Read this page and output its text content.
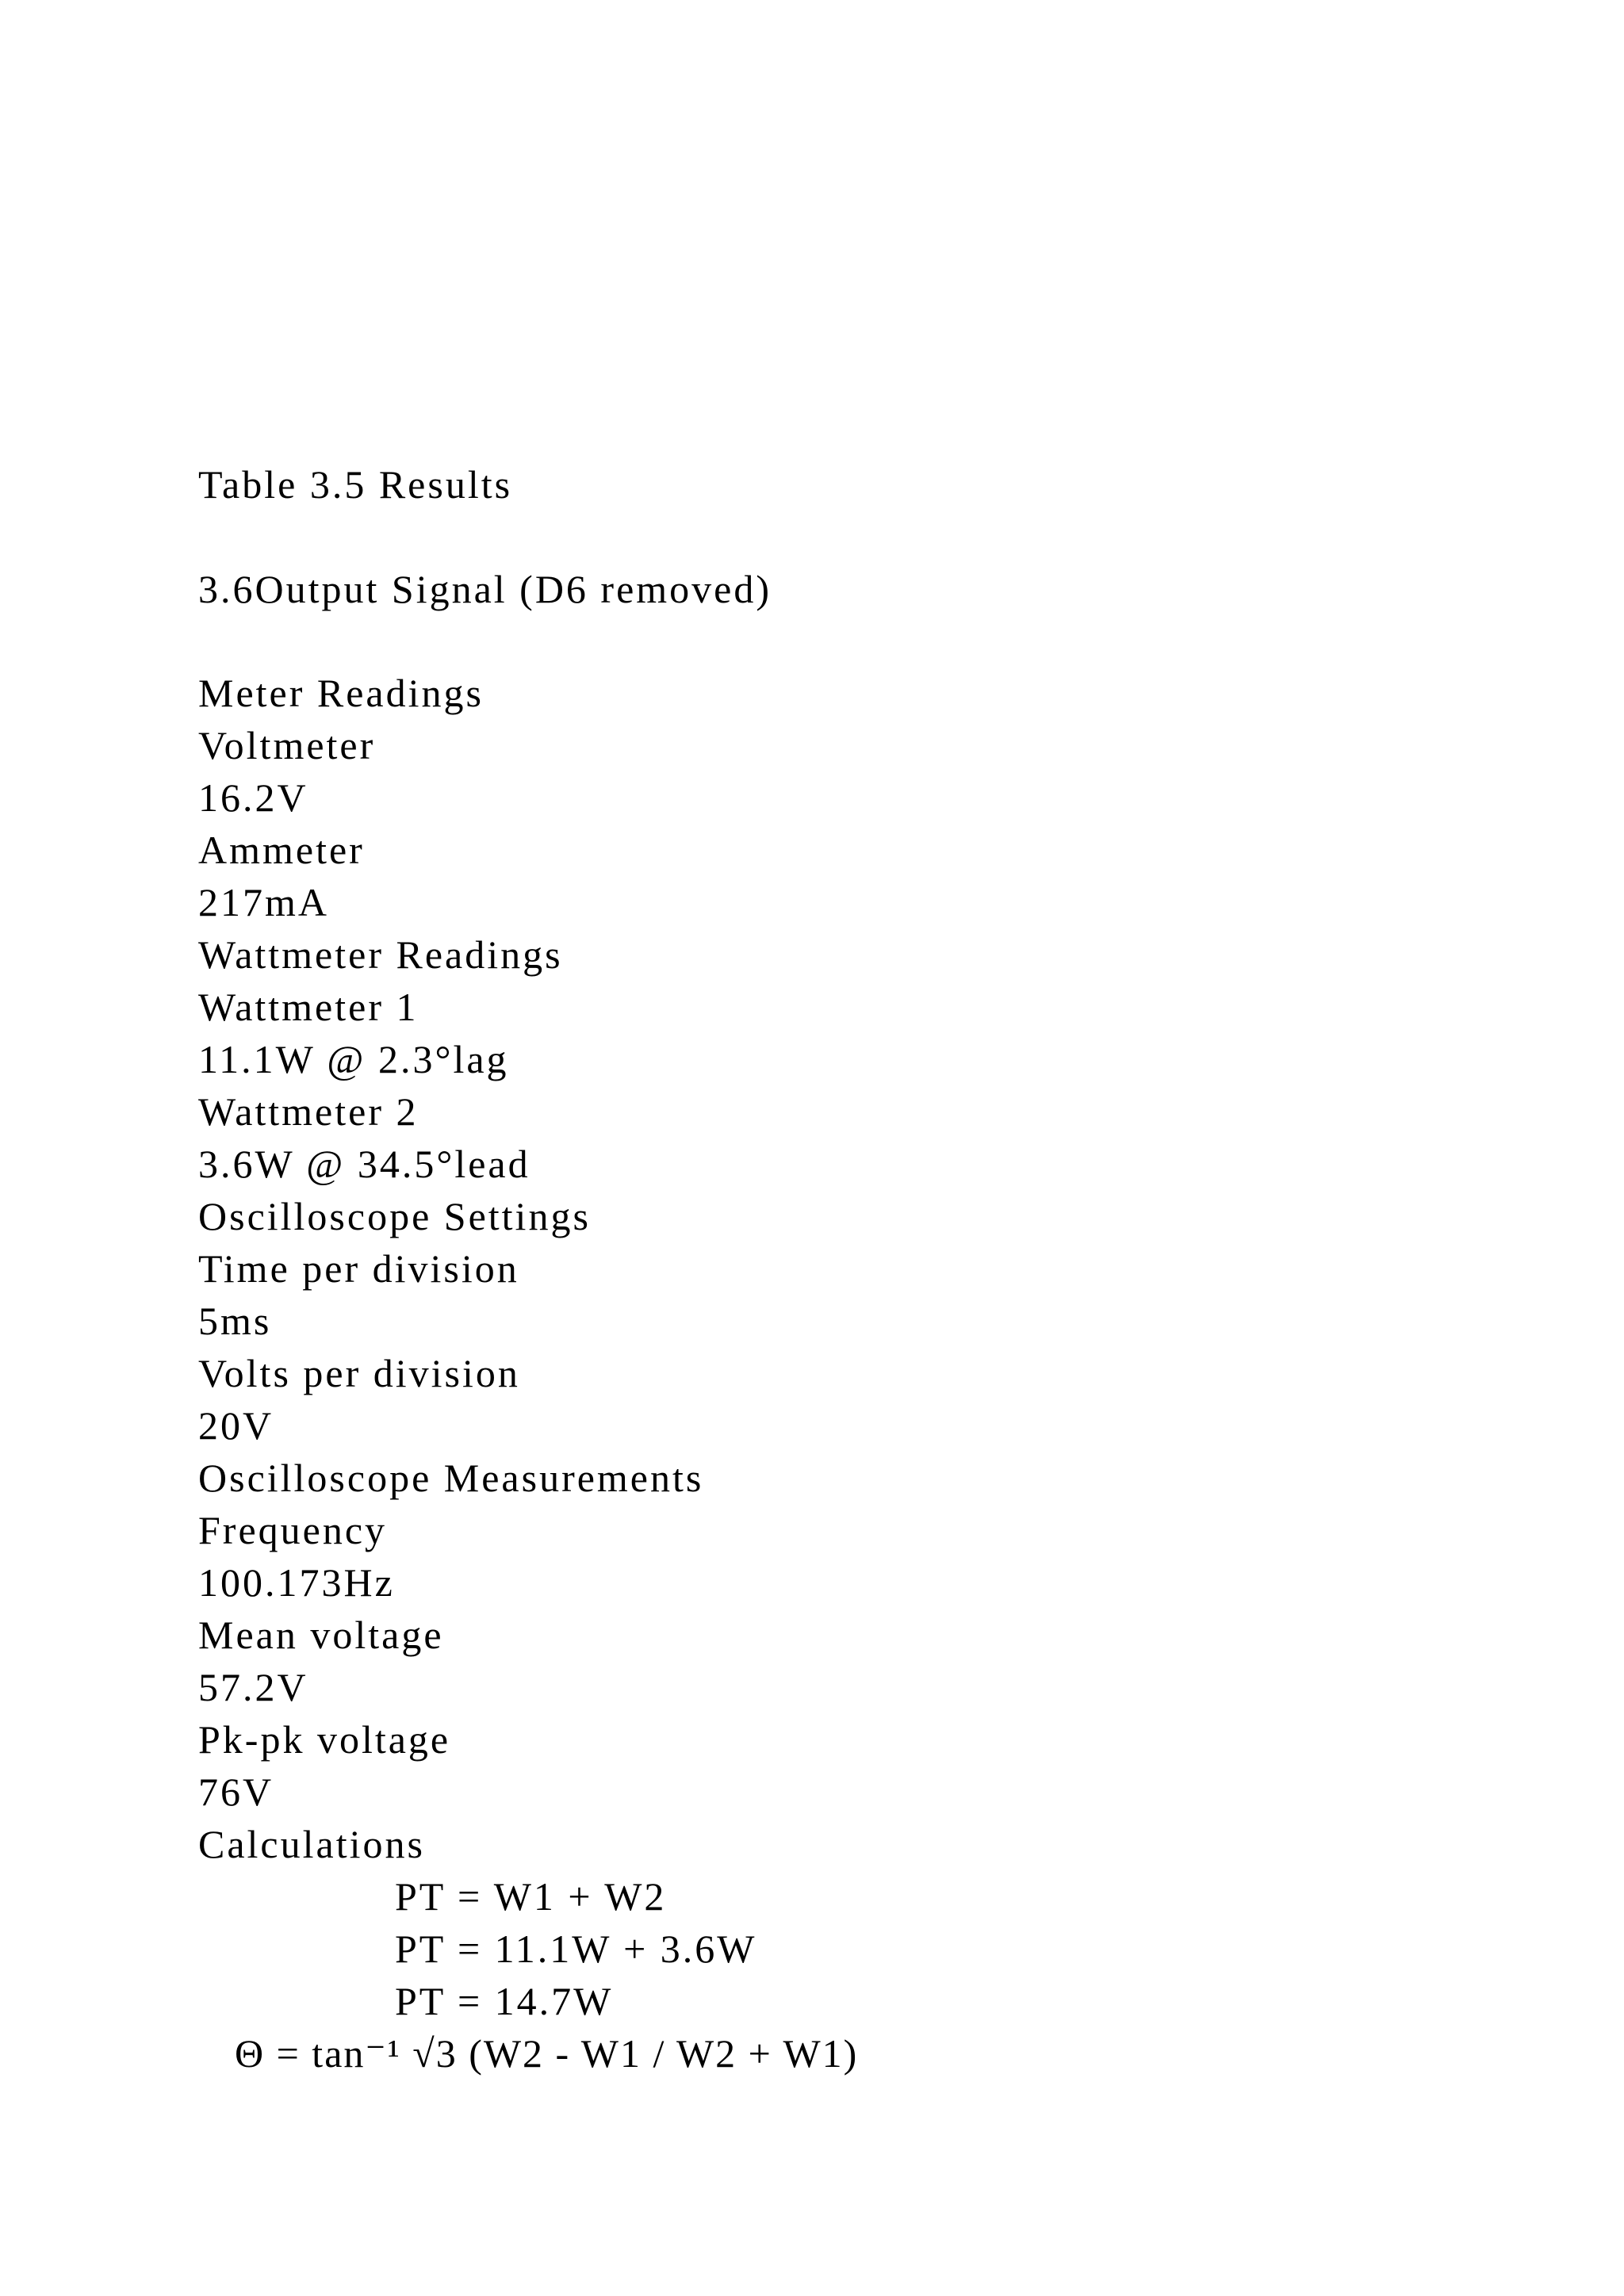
Table 3.5 Results
3.6Output Signal (D6 removed)
Meter Readings
Voltmeter
16.2V
Ammeter
217mA
Wattmeter Readings
Wattmeter 1
11.1W @ 2.3°lag
Wattmeter 2
3.6W @ 34.5°lead
Oscilloscope Settings
Time per division
5ms
Volts per division
20V
Oscilloscope Measurements
Frequency
100.173Hz
Mean voltage
57.2V
Pk-pk voltage
76V
Calculations
PT = W1 + W2
PT = 11.1W + 3.6W
PT = 14.7W
Θ = tan⁻¹ √3 (W2 - W1 / W2 + W1)
